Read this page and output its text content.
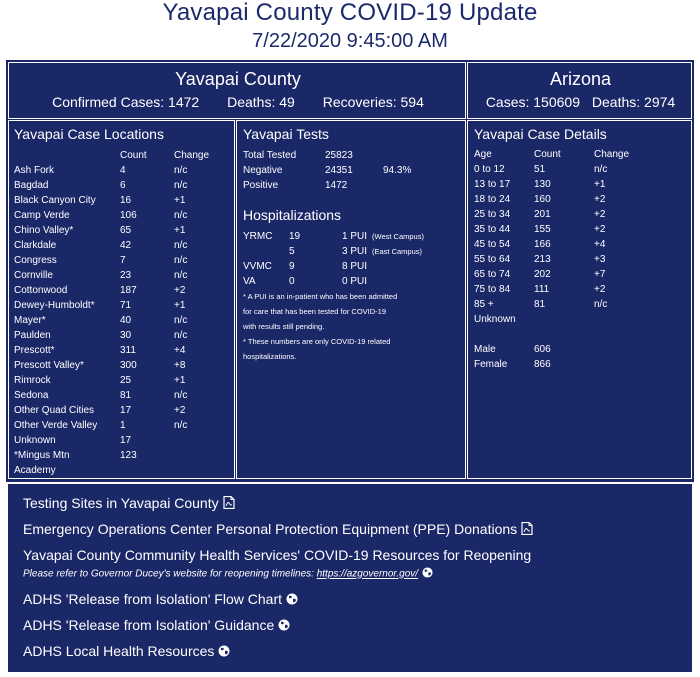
Yavapai County COVID-19 Update
7/22/2020 9:45:00 AM
Yavapai County
Confirmed Cases: 1472 Deaths: 49 Recoveries: 594
Arizona
Cases: 150609 Deaths: 2974
Yavapai Case Locations
Count	Change
Ash Fork	4	n/c
Bagdad	6	n/c
Black Canyon City 16	+1
Camp Verde	106	n/c
Chino Valley*	65	+1
Clarkdale	42	n/c
Congress	7	n/c
Cornville	23	n/c
Cottonwood	187	+2
Dewey-Humboldt*	71	+1
Mayer*	40	n/c
Paulden	30	n/c
Prescott*	311	+4
Prescott Valley*	300	+8
Rimrock	25	+1
Sedona	81	n/c
Other Quad Cities	17	+2
Other Verde Valley 1	n/c
Unknown	17
*Mingus Mtn	123
Academy
Yavapai Tests
Total Tested	25823
Negative	24351	94.3%
Positive	1472
Hospitalizations
YRMC 19	1 PUI (West Campus)
5	3 PUI (East Campus)
VVMC 9	8 PUI
VA	0	0 PUI
* A PUI is an in-patient who has been admitted
for care that has been tested for COVID-19
with results still pending.
* These numbers are only COVID-19 related
hospitalizations.
Yavapai Case Details
Age	Count	Change
0 to 12	51	n/c
13 to 17 130	+1
18 to 24 160	+2
25 to 34 201	+2
35 to 44 155	+2
45 to 54 166	+4
55 to 64 213	+3
65 to 74 202	+7
75 to 84 111	+2
85 +	81	n/c
Unknown
Male	606
Female	866
Testing Sites in Yavapai County
Emergency Operations Center Personal Protection Equipment (PPE) Donations
Yavapai County Community Health Services' COVID-19 Resources for Reopening
Please refer to Governor Ducey's website for reopening timelines: https://azgovernor.gov/
ADHS 'Release from Isolation' Flow Chart
ADHS 'Release from Isolation' Guidance
ADHS Local Health Resources
